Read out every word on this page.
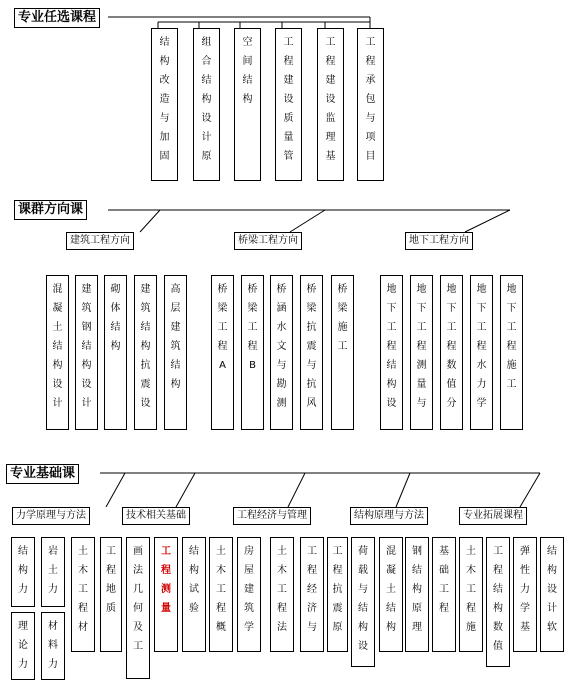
专业任选课程
结构改造与加固
组合结构设计原
空间结构
工程建设质量管
工程建设监理基
工程承包与项目
课群方向课
建筑工程方向	桥梁工程方向	地下工程方向
混凝土结构设计
建筑钢结构设计
砌体结构
建筑结构抗震设
高层建筑结构
桥梁工程A
桥梁工程B
桥涵水文与勘测
桥梁抗震与抗风
桥梁施工
地下工程结构设
地下工程测量与
地下工程数值分
地下工程水力学
地下工程施工
专业基础课
力学原理与方法	技术相关基础	工程经济与管理	结构原理与方法	专业拓展课程
结构力
岩土力
理论力
材料力
土木工程材
工程地质
画法几何及工
工程测量
结构试验
土木工程概
房屋建筑学
土木工程法
工程经济与
工程抗震原
荷载与结构设
混凝土结构
钢结构原理
基础工程
土木工程施
工程结构数值
弹性力学基
结构设计软
